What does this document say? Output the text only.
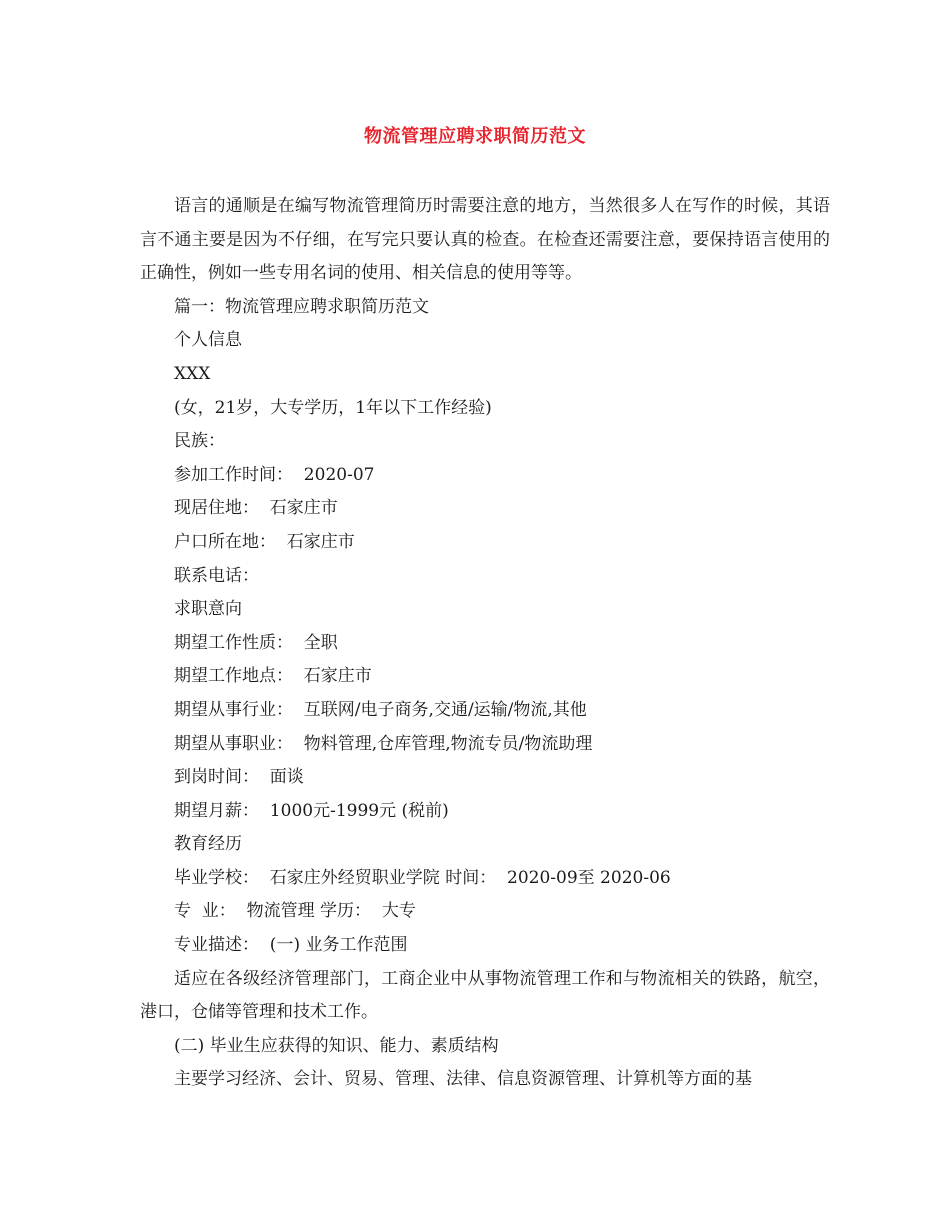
物流管理应聘求职简历范文

语言的通顺是在编写物流管理简历时需要注意的地方，当然很多人在写作的时候，其语言不通主要是因为不仔细，在写完只要认真的检查。在检查还需要注意，要保持语言使用的正确性，例如一些专用名词的使用、相关信息的使用等等。

篇一：物流管理应聘求职简历范文

个人信息

XXX

(女，21岁，大专学历，1年以下工作经验)

民族：

参加工作时间：  2020-07

现居住地：  石家庄市

户口所在地：  石家庄市

联系电话：

求职意向

期望工作性质：  全职

期望工作地点：  石家庄市

期望从事行业：  互联网/电子商务,交通/运输/物流,其他

期望从事职业：  物料管理,仓库管理,物流专员/物流助理

到岗时间：  面谈

期望月薪：  1000元-1999元 (税前)

教育经历

毕业学校：  石家庄外经贸职业学院 时间：  2020-09至 2020-06

专  业：  物流管理 学历：  大专

专业描述：  (一) 业务工作范围

适应在各级经济管理部门，工商企业中从事物流管理工作和与物流相关的铁路，航空，港口，仓储等管理和技术工作。

(二) 毕业生应获得的知识、能力、素质结构

主要学习经济、会计、贸易、管理、法律、信息资源管理、计算机等方面的基
